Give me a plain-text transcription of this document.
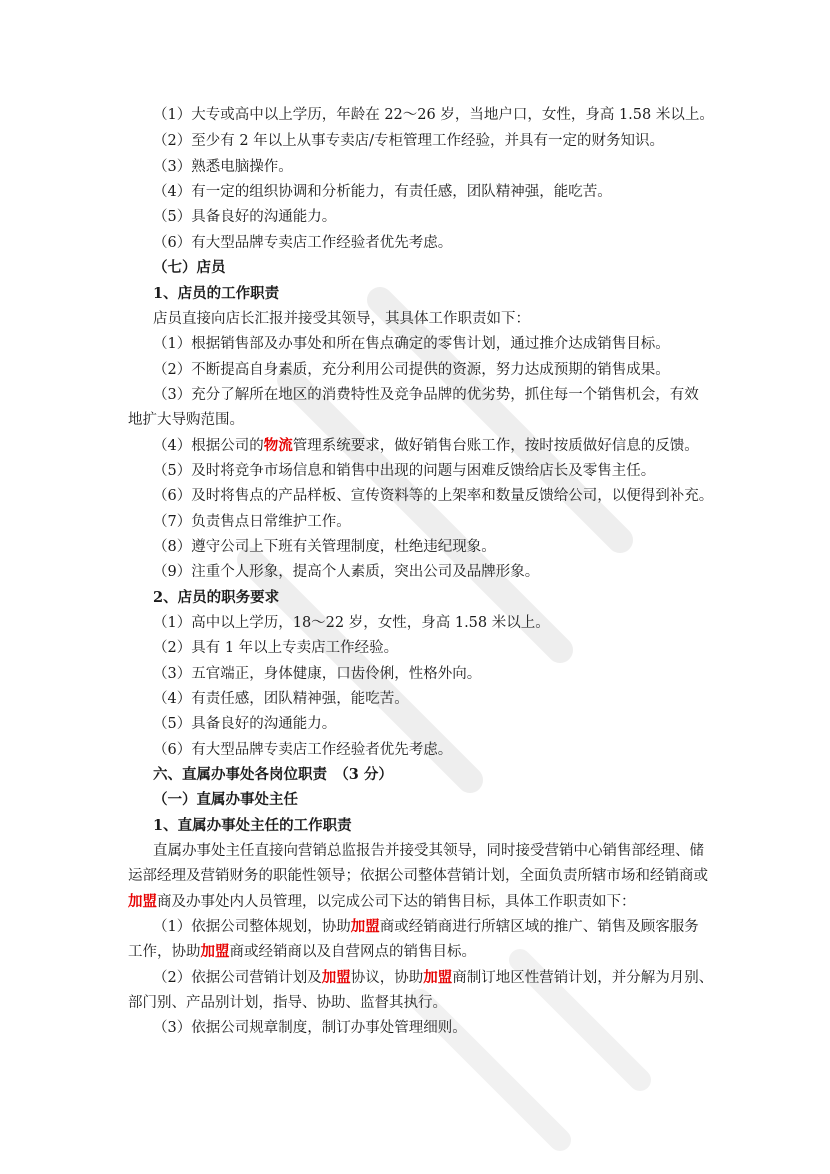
（1）大专或高中以上学历，年龄在 22～26 岁，当地户口，女性，身高 1.58 米以上。
（2）至少有 2 年以上从事专卖店/专柜管理工作经验，并具有一定的财务知识。
（3）熟悉电脑操作。
（4）有一定的组织协调和分析能力，有责任感，团队精神强，能吃苦。
（5）具备良好的沟通能力。
（6）有大型品牌专卖店工作经验者优先考虑。
（七）店员
1、店员的工作职责
店员直接向店长汇报并接受其领导，其具体工作职责如下：
（1）根据销售部及办事处和所在售点确定的零售计划，通过推介达成销售目标。
（2）不断提高自身素质，充分利用公司提供的资源，努力达成预期的销售成果。
（3）充分了解所在地区的消费特性及竞争品牌的优劣势，抓住每一个销售机会，有效
地扩大导购范围。
（4）根据公司的物流管理系统要求，做好销售台账工作，按时按质做好信息的反馈。
（5）及时将竞争市场信息和销售中出现的问题与困难反馈给店长及零售主任。
（6）及时将售点的产品样板、宣传资料等的上架率和数量反馈给公司，以便得到补充。
（7）负责售点日常维护工作。
（8）遵守公司上下班有关管理制度，杜绝违纪现象。
（9）注重个人形象，提高个人素质，突出公司及品牌形象。
2、店员的职务要求
（1）高中以上学历，18～22 岁，女性，身高 1.58 米以上。
（2）具有 1 年以上专卖店工作经验。
（3）五官端正，身体健康，口齿伶俐，性格外向。
（4）有责任感，团队精神强，能吃苦。
（5）具备良好的沟通能力。
（6）有大型品牌专卖店工作经验者优先考虑。
六、直属办事处各岗位职责　（3 分）
（一）直属办事处主任
1、直属办事处主任的工作职责
直属办事处主任直接向营销总监报告并接受其领导，同时接受营销中心销售部经理、储
运部经理及营销财务的职能性领导；依据公司整体营销计划，全面负责所辖市场和经销商或
加盟商及办事处内人员管理，以完成公司下达的销售目标，具体工作职责如下：
（1）依据公司整体规划，协助加盟商或经销商进行所辖区域的推广、销售及顾客服务
工作，协助加盟商或经销商以及自营网点的销售目标。
（2）依据公司营销计划及加盟协议，协助加盟商制订地区性营销计划，并分解为月别、
部门别、产品别计划，指导、协助、监督其执行。
（3）依据公司规章制度，制订办事处管理细则。
